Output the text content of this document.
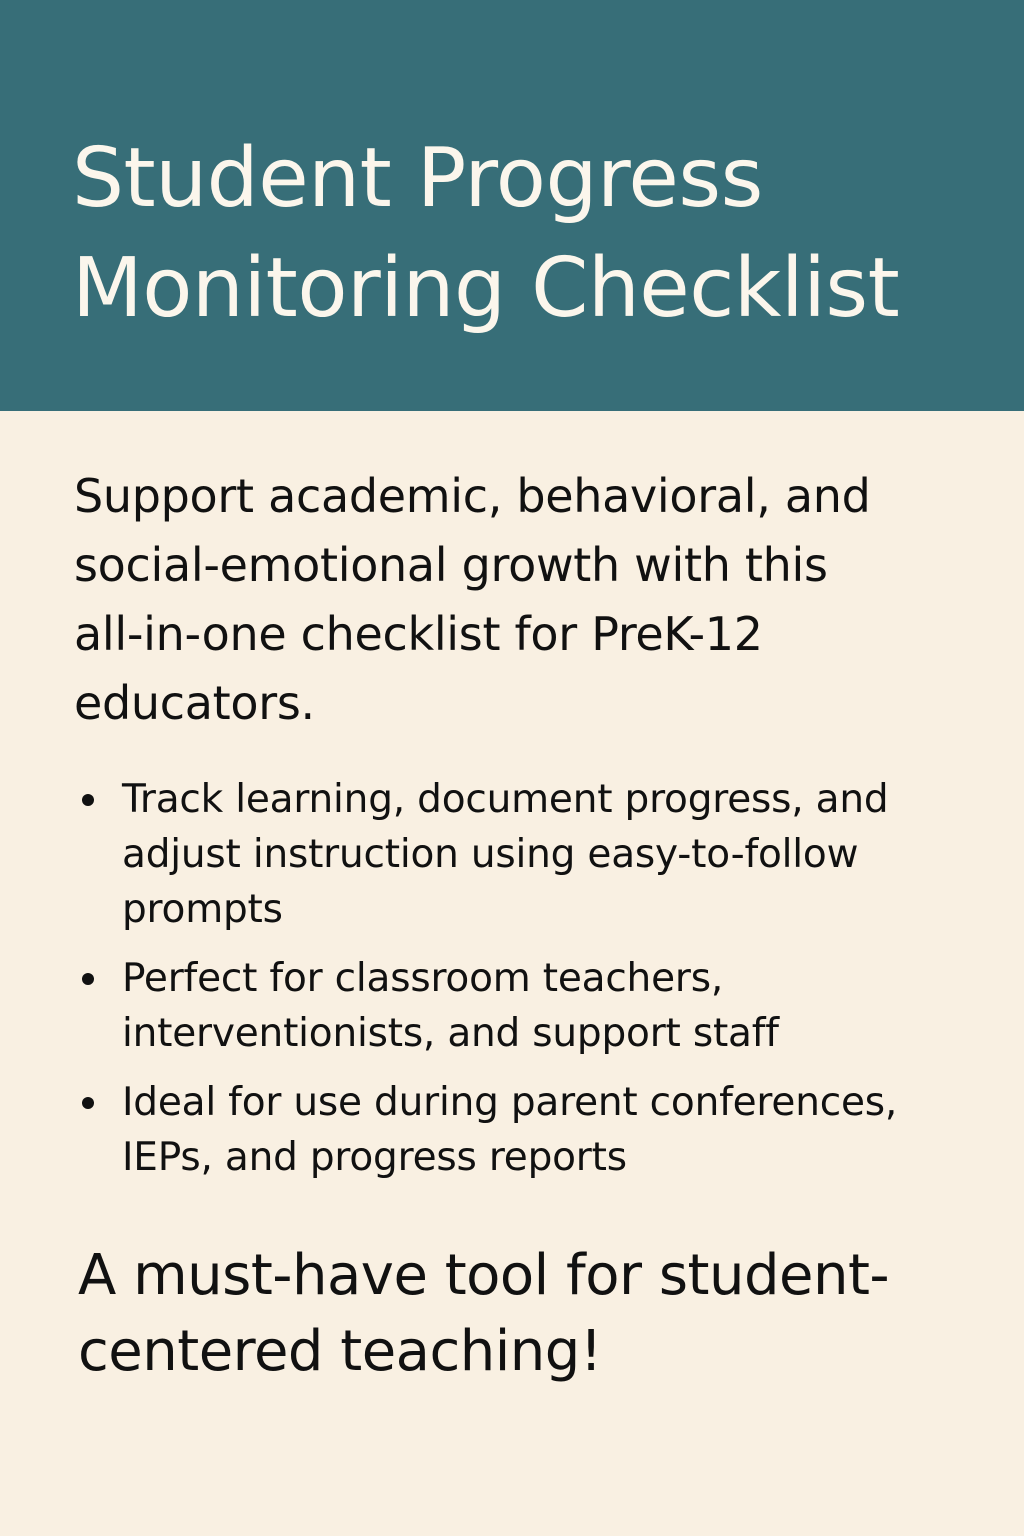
Student Progress
Monitoring Checklist

Support academic, behavioral, and
social-emotional growth with this
all-in-one checklist for PreK-12
educators.

Track learning, document progress, and
adjust instruction using easy-to-follow
prompts
Perfect for classroom teachers,
interventionists, and support staff
Ideal for use during parent conferences,
IEPs, and progress reports

A must-have tool for student-
centered teaching!
